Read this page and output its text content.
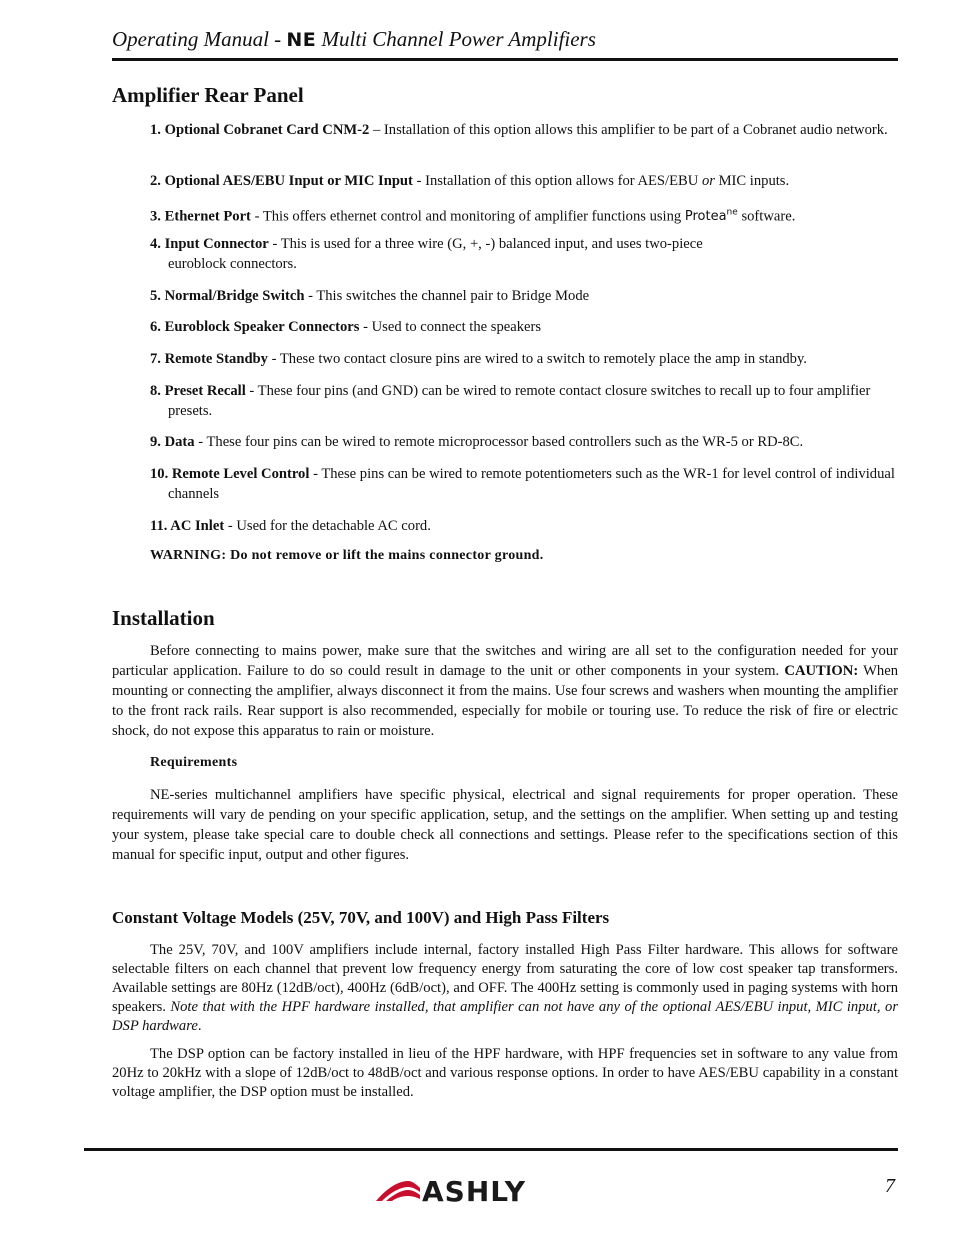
Operating Manual - NE Multi Channel Power Amplifiers
Amplifier Rear Panel
1. Optional Cobranet Card CNM-2 – Installation of this option allows this amplifier to be part of a Cobranet audio network.
2. Optional AES/EBU Input or MIC Input - Installation of this option allows for AES/EBU or MIC inputs.
3. Ethernet Port - This offers ethernet control and monitoring of amplifier functions using Protea$^{ne}$ software.
4. Input Connector - This is used for a three wire (G, +, -) balanced input, and uses two-piece
euroblock connectors.
5. Normal/Bridge Switch - This switches the channel pair to Bridge Mode
6. Euroblock Speaker Connectors - Used to connect the speakers
7. Remote Standby - These two contact closure pins are wired to a switch to remotely place the amp in standby.
8. Preset Recall - These four pins (and GND) can be wired to remote contact closure switches to recall up to four amplifier presets.
9. Data - These four pins can be wired to remote microprocessor based controllers such as the WR-5 or RD-8C.
10. Remote Level Control - These pins can be wired to remote potentiometers such as the WR-1 for level control of individual channels
11. AC Inlet - Used for the detachable AC cord.
WARNING: Do not remove or lift the mains connector ground.
Installation

Before connecting to mains power, make sure that the switches and wiring are all set to the configuration needed for your particular application. Failure to do so could result in damage to the unit or other components in your system. CAUTION: When mounting or connecting the amplifier, always disconnect it from the mains. Use four screws and washers when mounting the amplifier to the front rack rails. Rear support is also recommended, especially for mobile or touring use. To reduce the risk of fire or electric shock, do not expose this apparatus to rain or moisture.

Requirements

NE-series multichannel amplifiers have specific physical, electrical and signal requirements for proper operation. These requirements will vary de pending on your specific application, setup, and the settings on the amplifier. When setting up and testing your system, please take special care to double check all connections and settings. Please refer to the specifications section of this manual for specific input, output and other figures.

Constant Voltage Models (25V, 70V, and 100V) and High Pass Filters

The 25V, 70V, and 100V amplifiers include internal, factory installed High Pass Filter hardware. This allows for software selectable filters on each channel that prevent low frequency energy from saturating the core of low cost speaker tap transformers. Available settings are 80Hz (12dB/oct), 400Hz (6dB/oct), and OFF. The 400Hz setting is commonly used in paging systems with horn speakers. Note that with the HPF hardware installed, that amplifier can not have any of the optional AES/EBU input, MIC input, or DSP hardware.

The DSP option can be factory installed in lieu of the HPF hardware, with HPF frequencies set in software to any value from 20Hz to 20kHz with a slope of 12dB/oct to 48dB/oct and various response options. In order to have AES/EBU capability in a constant voltage amplifier, the DSP option must be installed.

ASHLY	7
